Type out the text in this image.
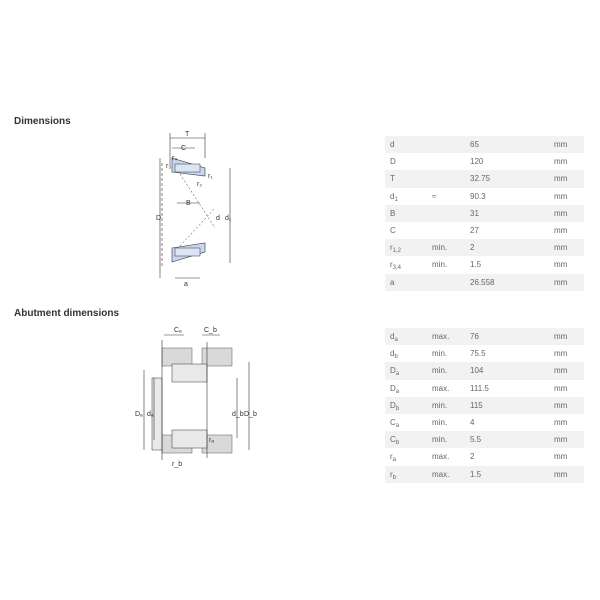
Dimensions
T
C
r₄
r₃
r₁
r₂
B
D	d d₁
a
d		65	mm
D		120	mm
T		32.75	mm
$d_1$	≈	90.3	mm
B		31	mm
C		27	mm
$r_{1,2}$	min.	2	mm
$r_{3,4}$	min.	1.5	mm
a		26.558	mm
Abutment dimensions
Cₐ	C_b
Dₐ dₐ	d_b D_b
rₐ
r_b
$d_a$	max.	76	mm
$d_b$	min.	75.5	mm
$D_a$	min.	104	mm
$D_a$	max.	111.5	mm
$D_b$	min.	115	mm
$C_a$	min.	4	mm
$C_b$	min.	5.5	mm
$r_a$	max.	2	mm
$r_b$	max.	1.5	mm
